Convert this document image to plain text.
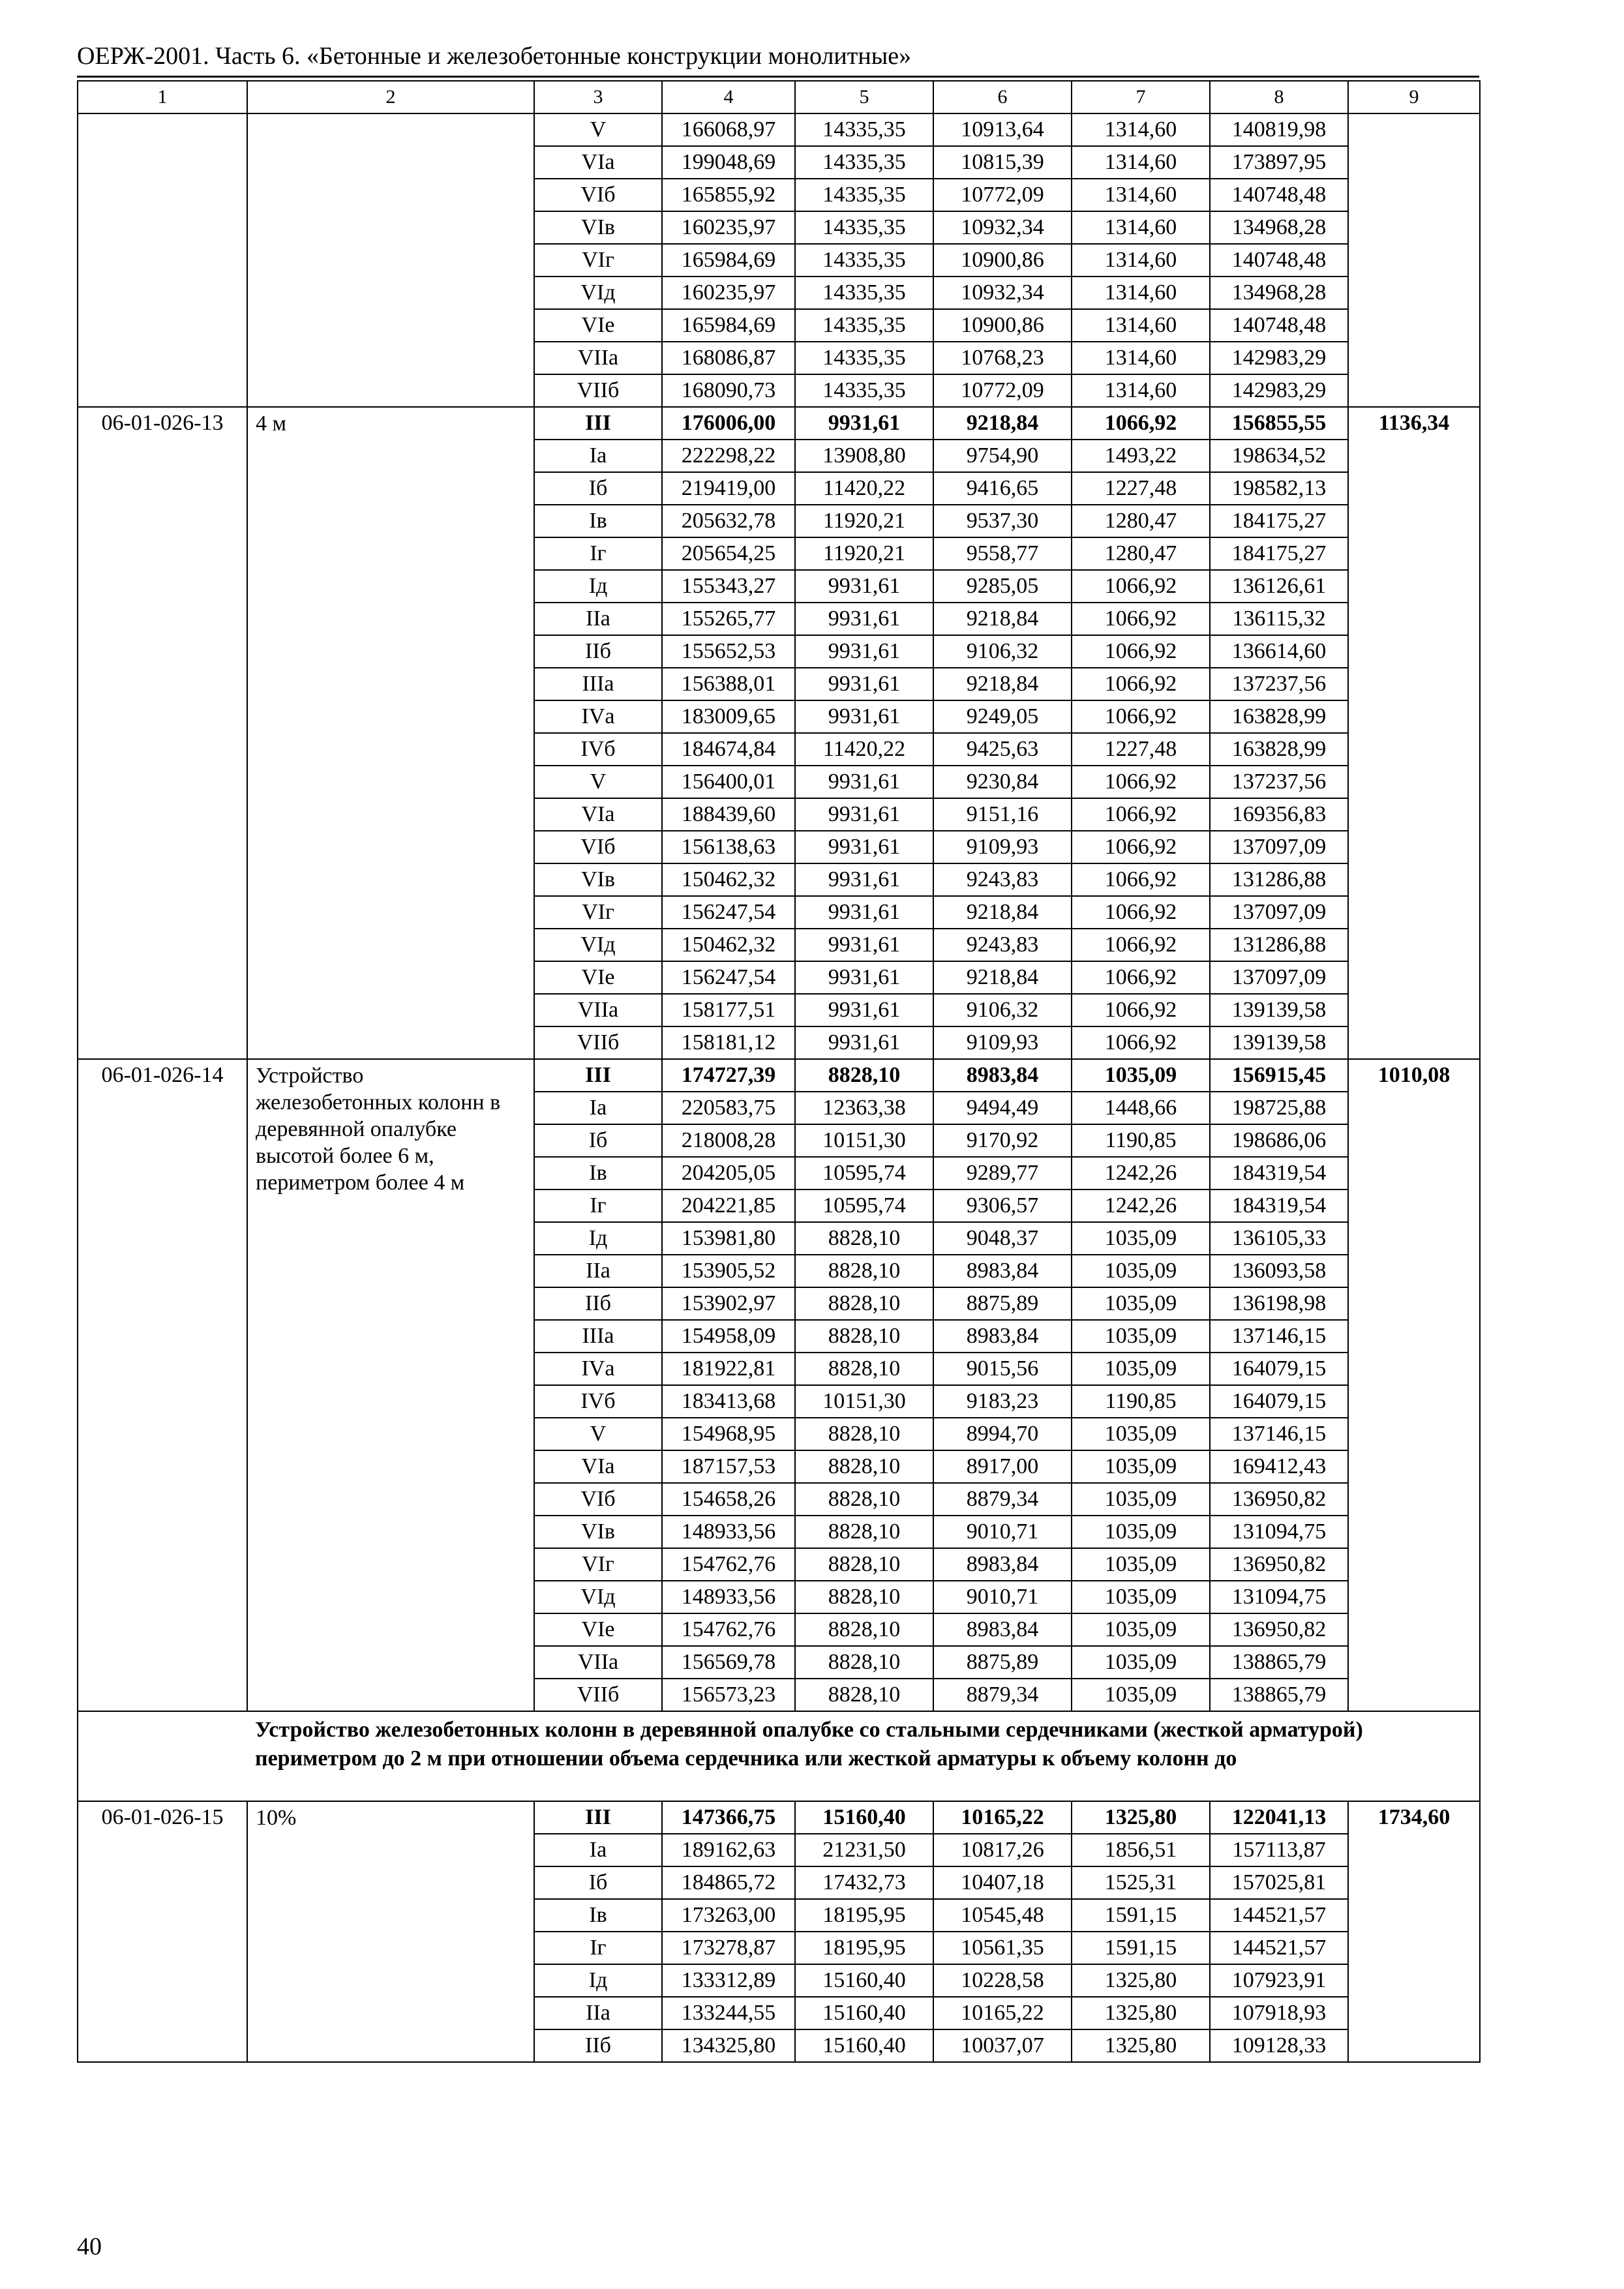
ОЕРЖ-2001. Часть 6. «Бетонные и железобетонные конструкции монолитные»
1	2	3	4	5	6	7	8	9
		V	166068,97	14335,35	10913,64	1314,60	140819,98	
		VIа	199048,69	14335,35	10815,39	1314,60	173897,95	
		VIб	165855,92	14335,35	10772,09	1314,60	140748,48	
		VIв	160235,97	14335,35	10932,34	1314,60	134968,28	
		VIг	165984,69	14335,35	10900,86	1314,60	140748,48	
		VIд	160235,97	14335,35	10932,34	1314,60	134968,28	
		VIе	165984,69	14335,35	10900,86	1314,60	140748,48	
		VIIа	168086,87	14335,35	10768,23	1314,60	142983,29	
		VIIб	168090,73	14335,35	10772,09	1314,60	142983,29	
06-01-026-13	4 м	III	176006,00	9931,61	9218,84	1066,92	156855,55	1136,34
		Iа	222298,22	13908,80	9754,90	1493,22	198634,52	
		Iб	219419,00	11420,22	9416,65	1227,48	198582,13	
		Iв	205632,78	11920,21	9537,30	1280,47	184175,27	
		Iг	205654,25	11920,21	9558,77	1280,47	184175,27	
		Iд	155343,27	9931,61	9285,05	1066,92	136126,61	
		IIа	155265,77	9931,61	9218,84	1066,92	136115,32	
		IIб	155652,53	9931,61	9106,32	1066,92	136614,60	
		IIIа	156388,01	9931,61	9218,84	1066,92	137237,56	
		IVа	183009,65	9931,61	9249,05	1066,92	163828,99	
		IVб	184674,84	11420,22	9425,63	1227,48	163828,99	
		V	156400,01	9931,61	9230,84	1066,92	137237,56	
		VIа	188439,60	9931,61	9151,16	1066,92	169356,83	
		VIб	156138,63	9931,61	9109,93	1066,92	137097,09	
		VIв	150462,32	9931,61	9243,83	1066,92	131286,88	
		VIг	156247,54	9931,61	9218,84	1066,92	137097,09	
		VIд	150462,32	9931,61	9243,83	1066,92	131286,88	
		VIе	156247,54	9931,61	9218,84	1066,92	137097,09	
		VIIа	158177,51	9931,61	9106,32	1066,92	139139,58	
		VIIб	158181,12	9931,61	9109,93	1066,92	139139,58	
06-01-026-14	Устройство железобетонных колонн в деревянной опалубке высотой более 6 м, периметром более 4 м	III	174727,39	8828,10	8983,84	1035,09	156915,45	1010,08
		Iа	220583,75	12363,38	9494,49	1448,66	198725,88	
		Iб	218008,28	10151,30	9170,92	1190,85	198686,06	
		Iв	204205,05	10595,74	9289,77	1242,26	184319,54	
		Iг	204221,85	10595,74	9306,57	1242,26	184319,54	
		Iд	153981,80	8828,10	9048,37	1035,09	136105,33	
		IIа	153905,52	8828,10	8983,84	1035,09	136093,58	
		IIб	153902,97	8828,10	8875,89	1035,09	136198,98	
		IIIа	154958,09	8828,10	8983,84	1035,09	137146,15	
		IVа	181922,81	8828,10	9015,56	1035,09	164079,15	
		IVб	183413,68	10151,30	9183,23	1190,85	164079,15	
		V	154968,95	8828,10	8994,70	1035,09	137146,15	
		VIа	187157,53	8828,10	8917,00	1035,09	169412,43	
		VIб	154658,26	8828,10	8879,34	1035,09	136950,82	
		VIв	148933,56	8828,10	9010,71	1035,09	131094,75	
		VIг	154762,76	8828,10	8983,84	1035,09	136950,82	
		VIд	148933,56	8828,10	9010,71	1035,09	131094,75	
		VIе	154762,76	8828,10	8983,84	1035,09	136950,82	
		VIIа	156569,78	8828,10	8875,89	1035,09	138865,79	
		VIIб	156573,23	8828,10	8879,34	1035,09	138865,79	
	Устройство железобетонных колонн в деревянной опалубке со стальными сердечниками (жесткой арматурой) периметром до 2 м при отношении объема сердечника или жесткой арматуры к объему колонн до							
06-01-026-15	10%	III	147366,75	15160,40	10165,22	1325,80	122041,13	1734,60
		Iа	189162,63	21231,50	10817,26	1856,51	157113,87	
		Iб	184865,72	17432,73	10407,18	1525,31	157025,81	
		Iв	173263,00	18195,95	10545,48	1591,15	144521,57	
		Iг	173278,87	18195,95	10561,35	1591,15	144521,57	
		Iд	133312,89	15160,40	10228,58	1325,80	107923,91	
		IIа	133244,55	15160,40	10165,22	1325,80	107918,93	
		IIб	134325,80	15160,40	10037,07	1325,80	109128,33	
40
